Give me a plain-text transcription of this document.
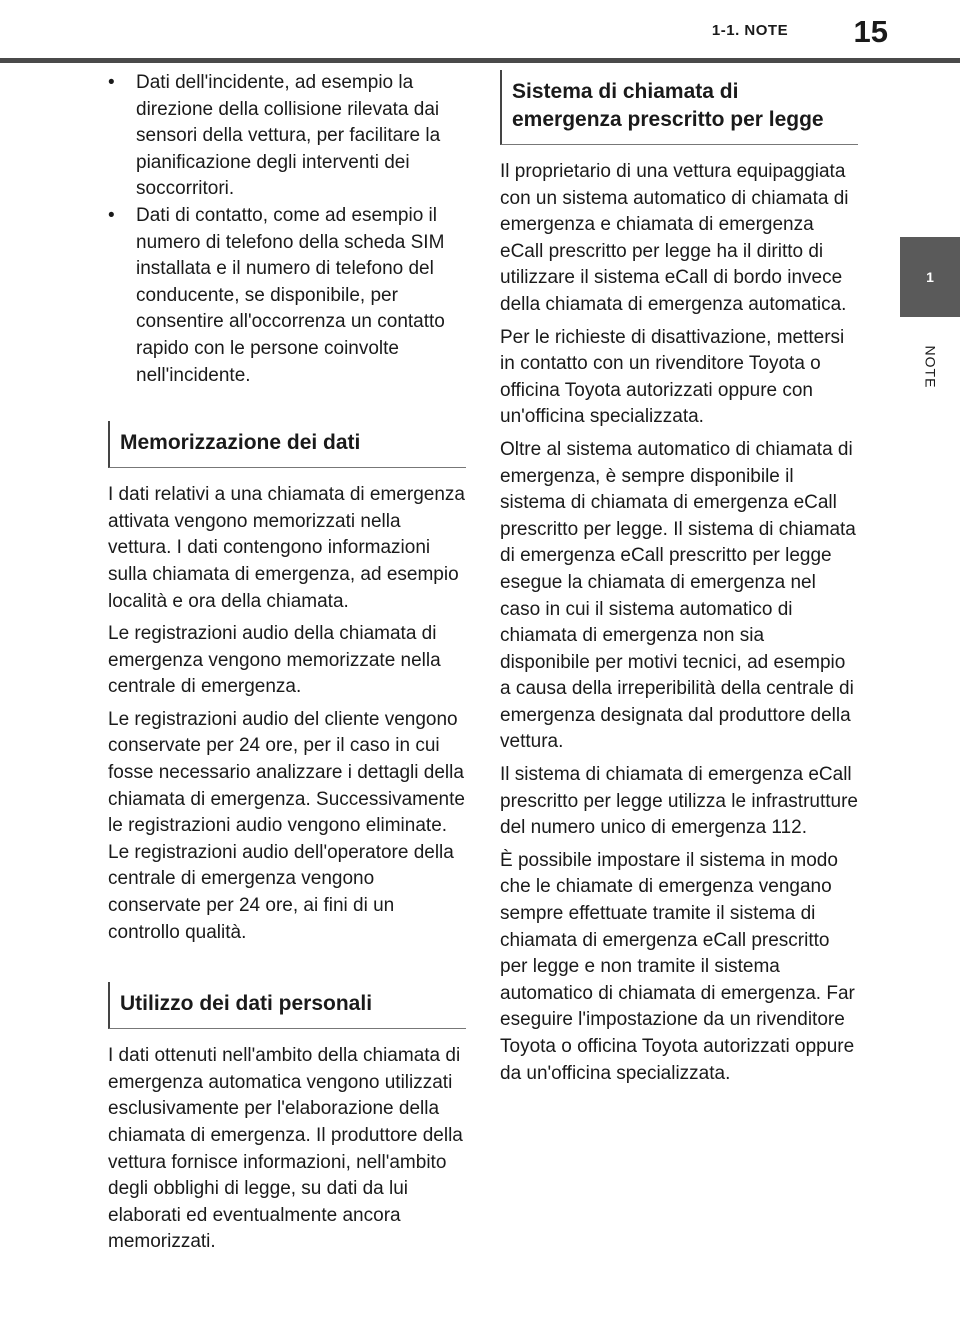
1-1. NOTE	15
1
NOTE
• Dati dell'incidente, ad esempio la direzione della collisione rilevata dai sensori della vettura, per facilitare la pianificazione degli interventi dei soccorritori.
• Dati di contatto, come ad esempio il numero di telefono della scheda SIM installata e il numero di telefono del conducente, se disponibile, per consentire all'occorrenza un contatto rapido con le persone coinvolte nell'incidente.
Memorizzazione dei dati

I dati relativi a una chiamata di emergenza attivata vengono memorizzati nella vettura. I dati contengono informazioni sulla chiamata di emergenza, ad esempio località e ora della chiamata.

Le registrazioni audio della chiamata di emergenza vengono memorizzate nella centrale di emergenza.

Le registrazioni audio del cliente vengono conservate per 24 ore, per il caso in cui fosse necessario analizzare i dettagli della chiamata di emergenza. Successivamente le registrazioni audio vengono eliminate. Le registrazioni audio dell'operatore della centrale di emergenza vengono conservate per 24 ore, ai fini di un controllo qualità.

Utilizzo dei dati personali

I dati ottenuti nell'ambito della chiamata di emergenza automatica vengono utilizzati esclusivamente per l'elaborazione della chiamata di emergenza. Il produttore della vettura fornisce informazioni, nell'ambito degli obblighi di legge, su dati da lui elaborati ed eventualmente ancora memorizzati.

Sistema di chiamata di emergenza prescritto per legge

Il proprietario di una vettura equipaggiata con un sistema automatico di chiamata di emergenza e chiamata di emergenza eCall prescritto per legge ha il diritto di utilizzare il sistema eCall di bordo invece della chiamata di emergenza automatica.

Per le richieste di disattivazione, mettersi in contatto con un rivenditore Toyota o officina Toyota autorizzati oppure con un'officina specializzata.

Oltre al sistema automatico di chiamata di emergenza, è sempre disponibile il sistema di chiamata di emergenza eCall prescritto per legge. Il sistema di chiamata di emergenza eCall prescritto per legge esegue la chiamata di emergenza nel caso in cui il sistema automatico di chiamata di emergenza non sia disponibile per motivi tecnici, ad esempio a causa della irreperibilità della centrale di emergenza designata dal produttore della vettura.

Il sistema di chiamata di emergenza eCall prescritto per legge utilizza le infrastrutture del numero unico di emergenza 112.

È possibile impostare il sistema in modo che le chiamate di emergenza vengano sempre effettuate tramite il sistema di chiamata di emergenza eCall prescritto per legge e non tramite il sistema automatico di chiamata di emergenza. Far eseguire l'impostazione da un rivenditore Toyota o officina Toyota autorizzati oppure da un'officina specializzata.
